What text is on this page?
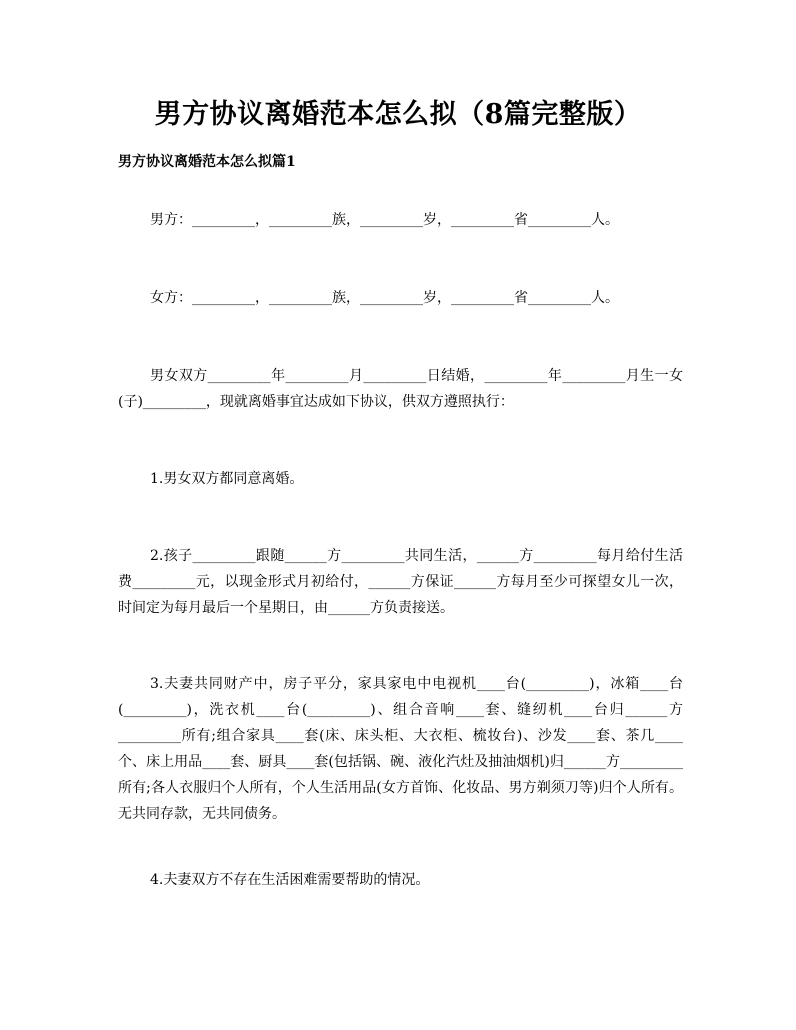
男方协议离婚范本怎么拟（8篇完整版）
男方协议离婚范本怎么拟篇1
男方：_________，_________族，_________岁，_________省_________人。
女方：_________，_________族，_________岁，_________省_________人。
男女双方_________年_________月_________日结婚，_________年_________月生一女(子)_________，现就离婚事宜达成如下协议，供双方遵照执行：
1.男女双方都同意离婚。
2.孩子_________跟随______方_________共同生活，______方_________每月给付生活费_________元，以现金形式月初给付，______方保证______方每月至少可探望女儿一次，时间定为每月最后一个星期日，由______方负责接送。
3.夫妻共同财产中，房子平分，家具家电中电视机____台(_________)，冰箱____台(_________)，洗衣机____台(_________)、组合音响____套、缝纫机____台归______方_________所有;组合家具____套(床、床头柜、大衣柜、梳妆台)、沙发____套、茶几____个、床上用品____套、厨具____套(包括锅、碗、液化汽灶及抽油烟机)归______方_________所有;各人衣服归个人所有，个人生活用品(女方首饰、化妆品、男方剃须刀等)归个人所有。无共同存款，无共同债务。
4.夫妻双方不存在生活困难需要帮助的情况。
